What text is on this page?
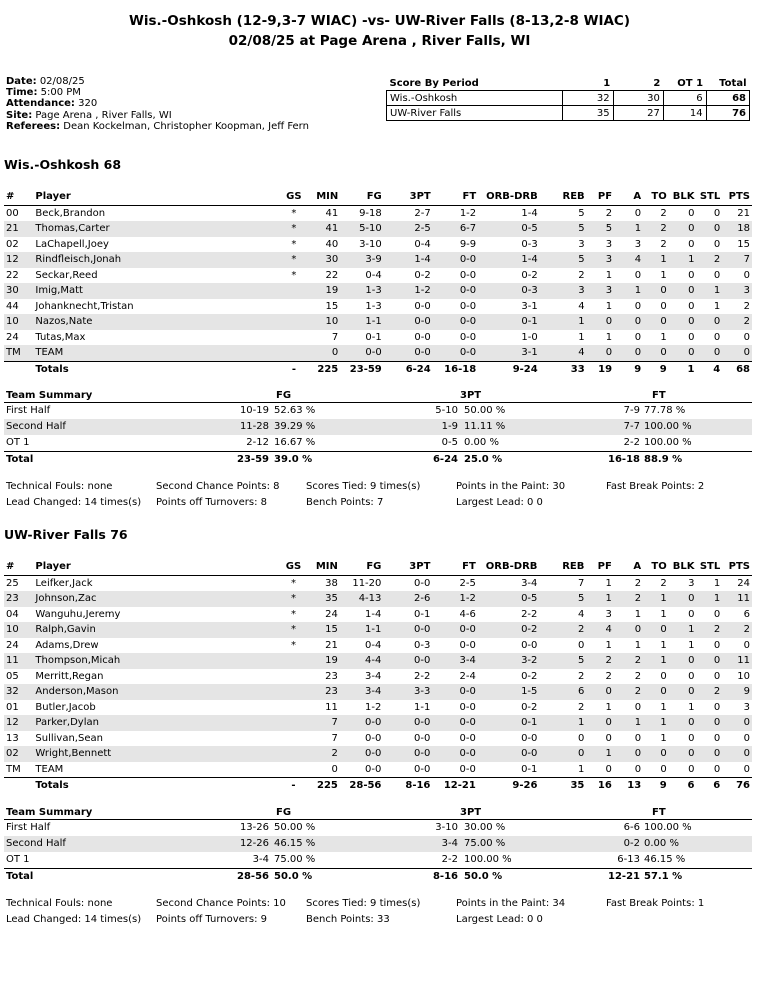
Wis.-Oshkosh (12-9,3-7 WIAC) -vs- UW-River Falls (8-13,2-8 WIAC)
02/08/25 at Page Arena , River Falls, WI
Date: 02/08/25
Time: 5:00 PM
Attendance: 320
Site: Page Arena , River Falls, WI
Referees: Dean Kockelman, Christopher Koopman, Jeff Fern
Score By Period	1	2	OT 1	Total
Wis.-Oshkosh	32	30	6	68
UW-River Falls	35	27	14	76
Wis.-Oshkosh 68
#	Player	GS	MIN	FG	3PT	FT	ORB-DRB	REB	PF	A	TO	BLK	STL	PTS
00	Beck,Brandon	*	41	9-18	2-7	1-2	1-4	5	2	0	2	0	0	21
21	Thomas,Carter	*	41	5-10	2-5	6-7	0-5	5	5	1	2	0	0	18
02	LaChapell,Joey	*	40	3-10	0-4	9-9	0-3	3	3	3	2	0	0	15
12	Rindfleisch,Jonah	*	30	3-9	1-4	0-0	1-4	5	3	4	1	1	2	7
22	Seckar,Reed	*	22	0-4	0-2	0-0	0-2	2	1	0	1	0	0	0
30	Imig,Matt		19	1-3	1-2	0-0	0-3	3	3	1	0	0	1	3
44	Johanknecht,Tristan		15	1-3	0-0	0-0	3-1	4	1	0	0	0	1	2
10	Nazos,Nate		10	1-1	0-0	0-0	0-1	1	0	0	0	0	0	2
24	Tutas,Max		7	0-1	0-0	0-0	1-0	1	1	0	1	0	0	0
TM	TEAM		0	0-0	0-0	0-0	3-1	4	0	0	0	0	0	0
	Totals	-	225	23-59	6-24	16-18	9-24	33	19	9	9	1	4	68
Team Summary	FG	3PT	FT
First Half	10-19 52.63 %	5-10 50.00 %	7-9 77.78 %
Second Half	11-28 39.29 %	1-9 11.11 %	7-7 100.00 %
OT 1	2-12 16.67 %	0-5 0.00 %	2-2 100.00 %
Total	23-59 39.0 %	6-24 25.0 %	16-18 88.9 %
Technical Fouls: none	Second Chance Points: 8	Scores Tied: 9 times(s)	Points in the Paint: 30	Fast Break Points: 2
Lead Changed: 14 times(s) Points off Turnovers: 8	Bench Points: 7	Largest Lead: 0 0
UW-River Falls 76
#	Player	GS	MIN	FG	3PT	FT	ORB-DRB	REB	PF	A	TO	BLK	STL	PTS
25	Leifker,Jack	*	38	11-20	0-0	2-5	3-4	7	1	2	2	3	1	24
23	Johnson,Zac	*	35	4-13	2-6	1-2	0-5	5	1	2	1	0	1	11
04	Wanguhu,Jeremy	*	24	1-4	0-1	4-6	2-2	4	3	1	1	0	0	6
10	Ralph,Gavin	*	15	1-1	0-0	0-0	0-2	2	4	0	0	1	2	2
24	Adams,Drew	*	21	0-4	0-3	0-0	0-0	0	1	1	1	1	0	0
11	Thompson,Micah		19	4-4	0-0	3-4	3-2	5	2	2	1	0	0	11
05	Merritt,Regan		23	3-4	2-2	2-4	0-2	2	2	2	0	0	0	10
32	Anderson,Mason		23	3-4	3-3	0-0	1-5	6	0	2	0	0	2	9
01	Butler,Jacob		11	1-2	1-1	0-0	0-2	2	1	0	1	1	0	3
12	Parker,Dylan		7	0-0	0-0	0-0	0-1	1	0	1	1	0	0	0
13	Sullivan,Sean		7	0-0	0-0	0-0	0-0	0	0	0	1	0	0	0
02	Wright,Bennett		2	0-0	0-0	0-0	0-0	0	1	0	0	0	0	0
TM	TEAM		0	0-0	0-0	0-0	0-1	1	0	0	0	0	0	0
	Totals	-	225	28-56	8-16	12-21	9-26	35	16	13	9	6	6	76
Team Summary	FG	3PT	FT
First Half	13-26 50.00 %	3-10 30.00 %	6-6 100.00 %
Second Half	12-26 46.15 %	3-4 75.00 %	0-2 0.00 %
OT 1	3-4 75.00 %	2-2 100.00 %	6-13 46.15 %
Total	28-56 50.0 %	8-16 50.0 %	12-21 57.1 %
Technical Fouls: none	Second Chance Points: 10 Scores Tied: 9 times(s)	Points in the Paint: 34	Fast Break Points: 1
Lead Changed: 14 times(s) Points off Turnovers: 9	Bench Points: 33	Largest Lead: 0 0
